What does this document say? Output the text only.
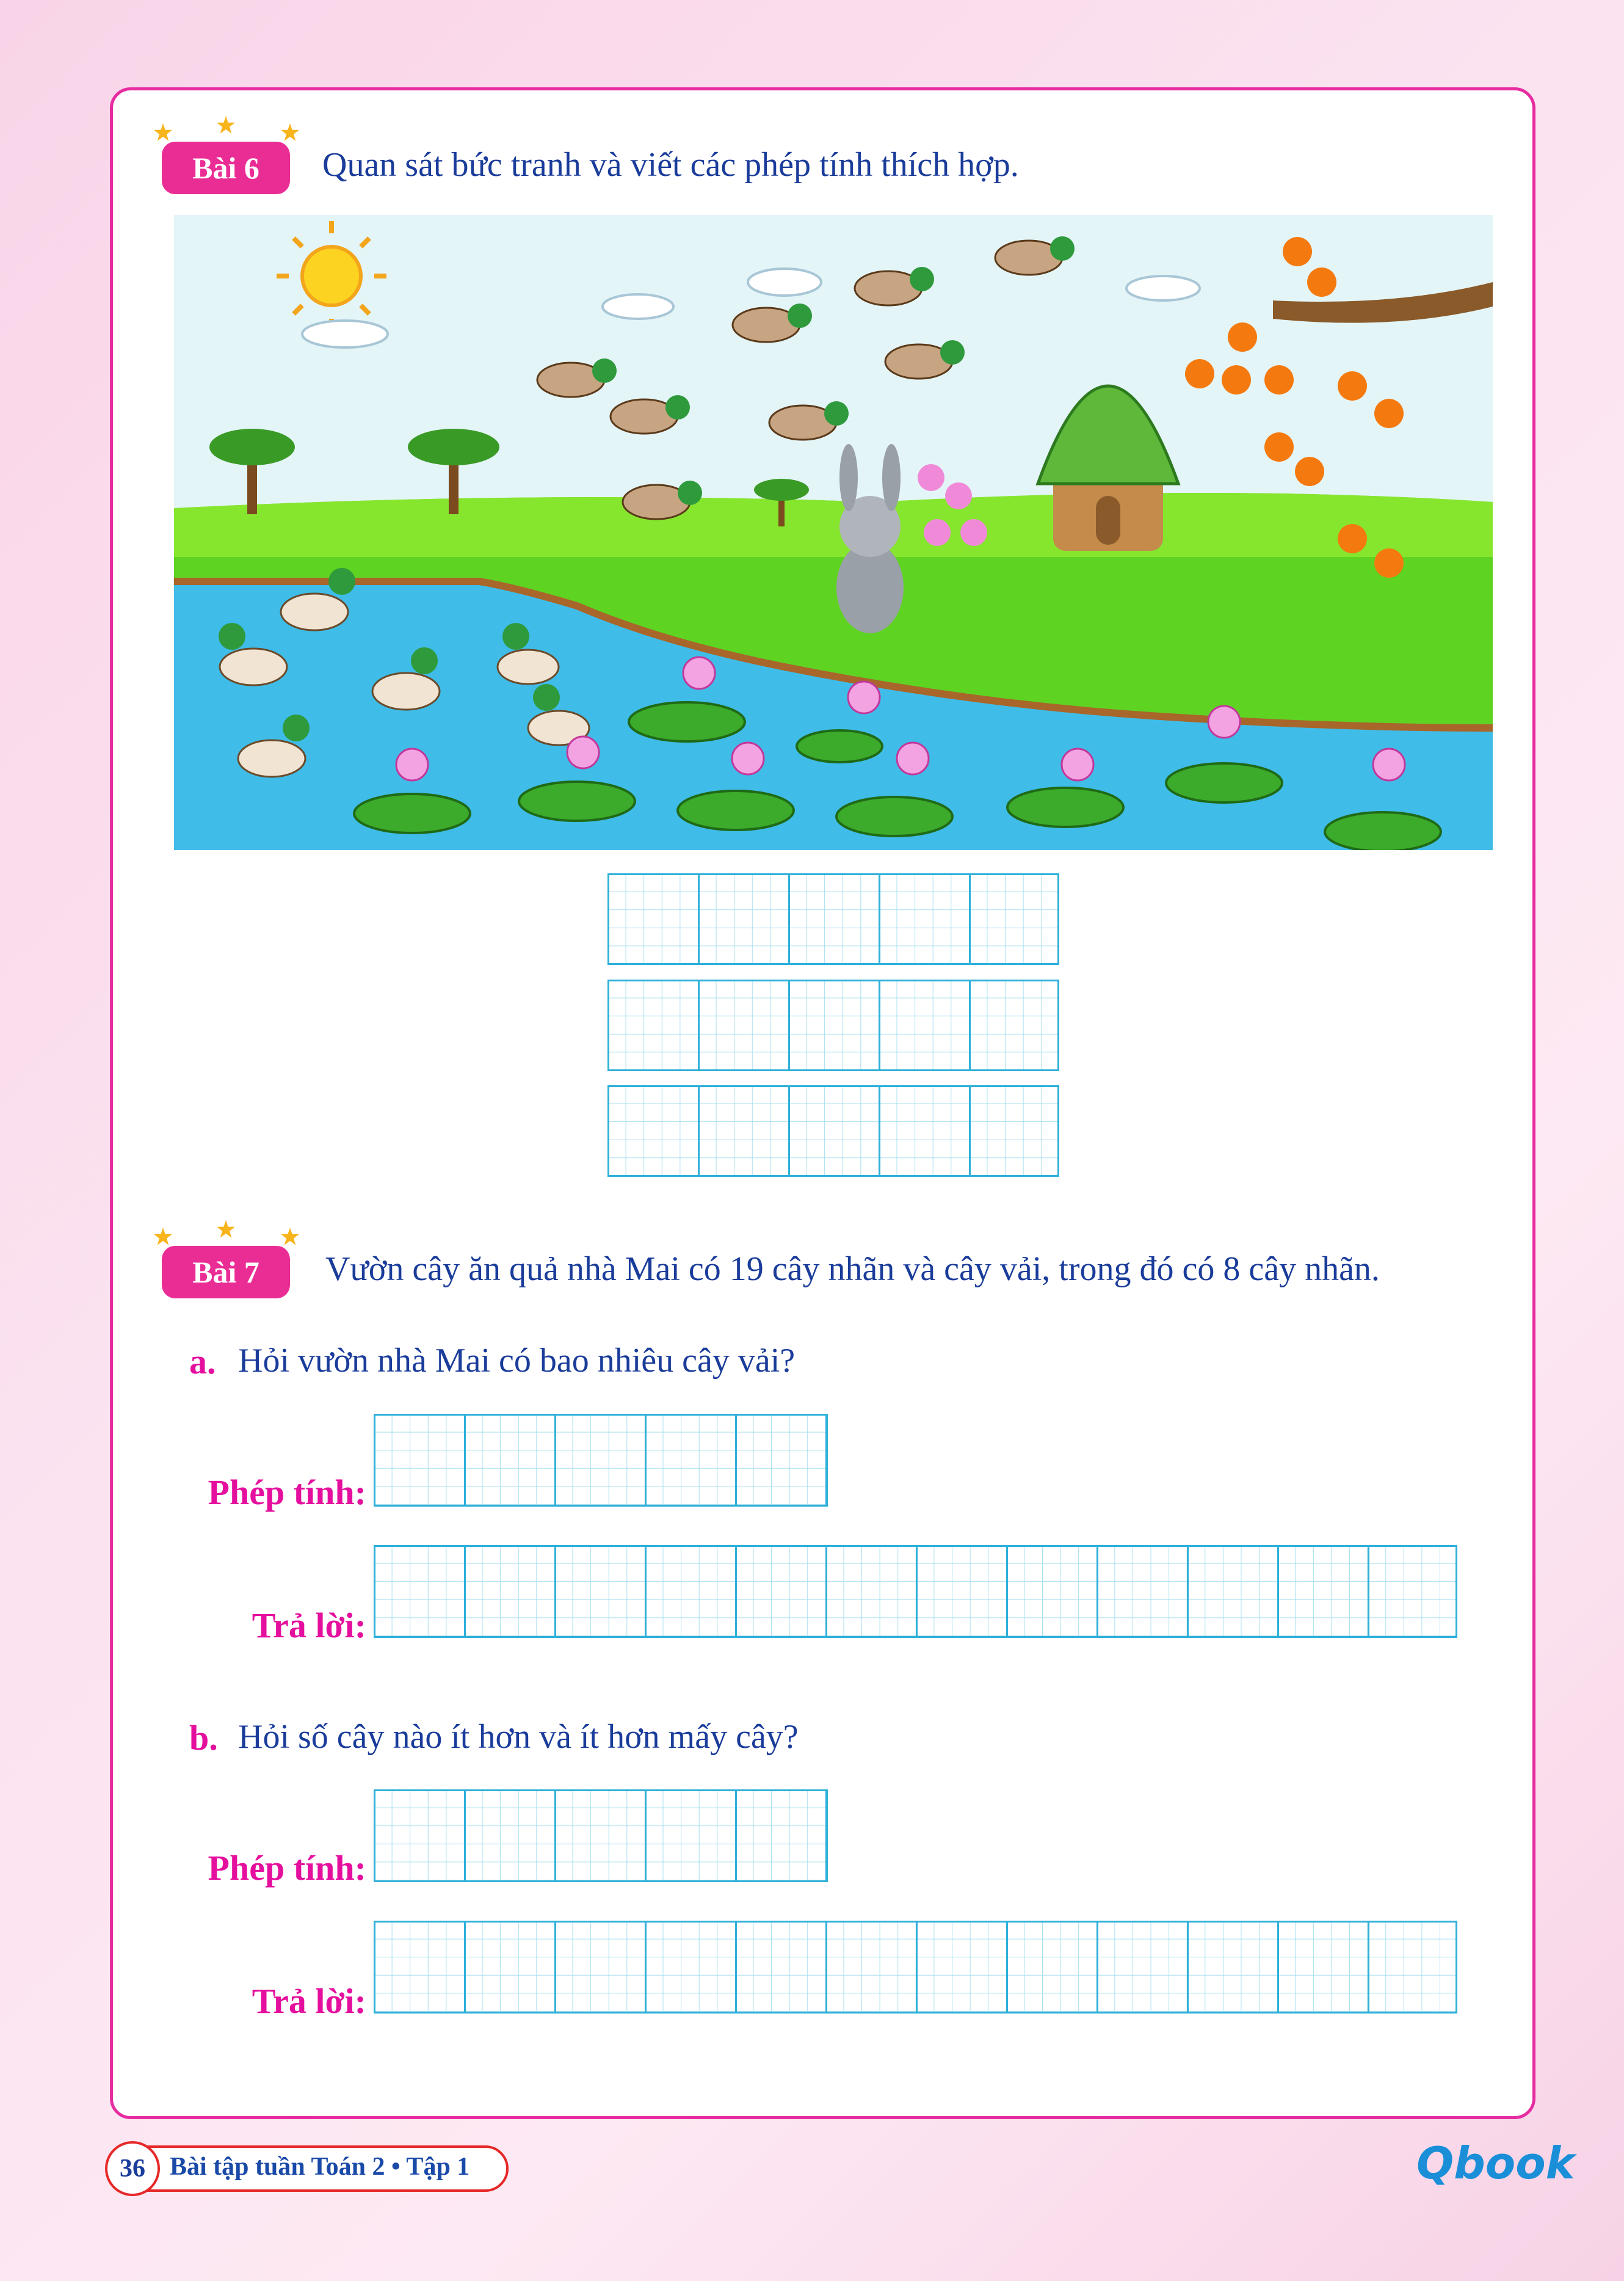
Bài 6	Quan sát bức tranh và viết các phép tính thích hợp.
Bài 7	Vườn cây ăn quả nhà Mai có 19 cây nhãn và cây vải, trong đó có 8 cây nhãn.
a. Hỏi vườn nhà Mai có bao nhiêu cây vải?
Phép tính:
Trả lời:
b. Hỏi số cây nào ít hơn và ít hơn mấy cây?
Phép tính:
Trả lời:
36 Bài tập tuần Toán 2 • Tập 1	Qbook
